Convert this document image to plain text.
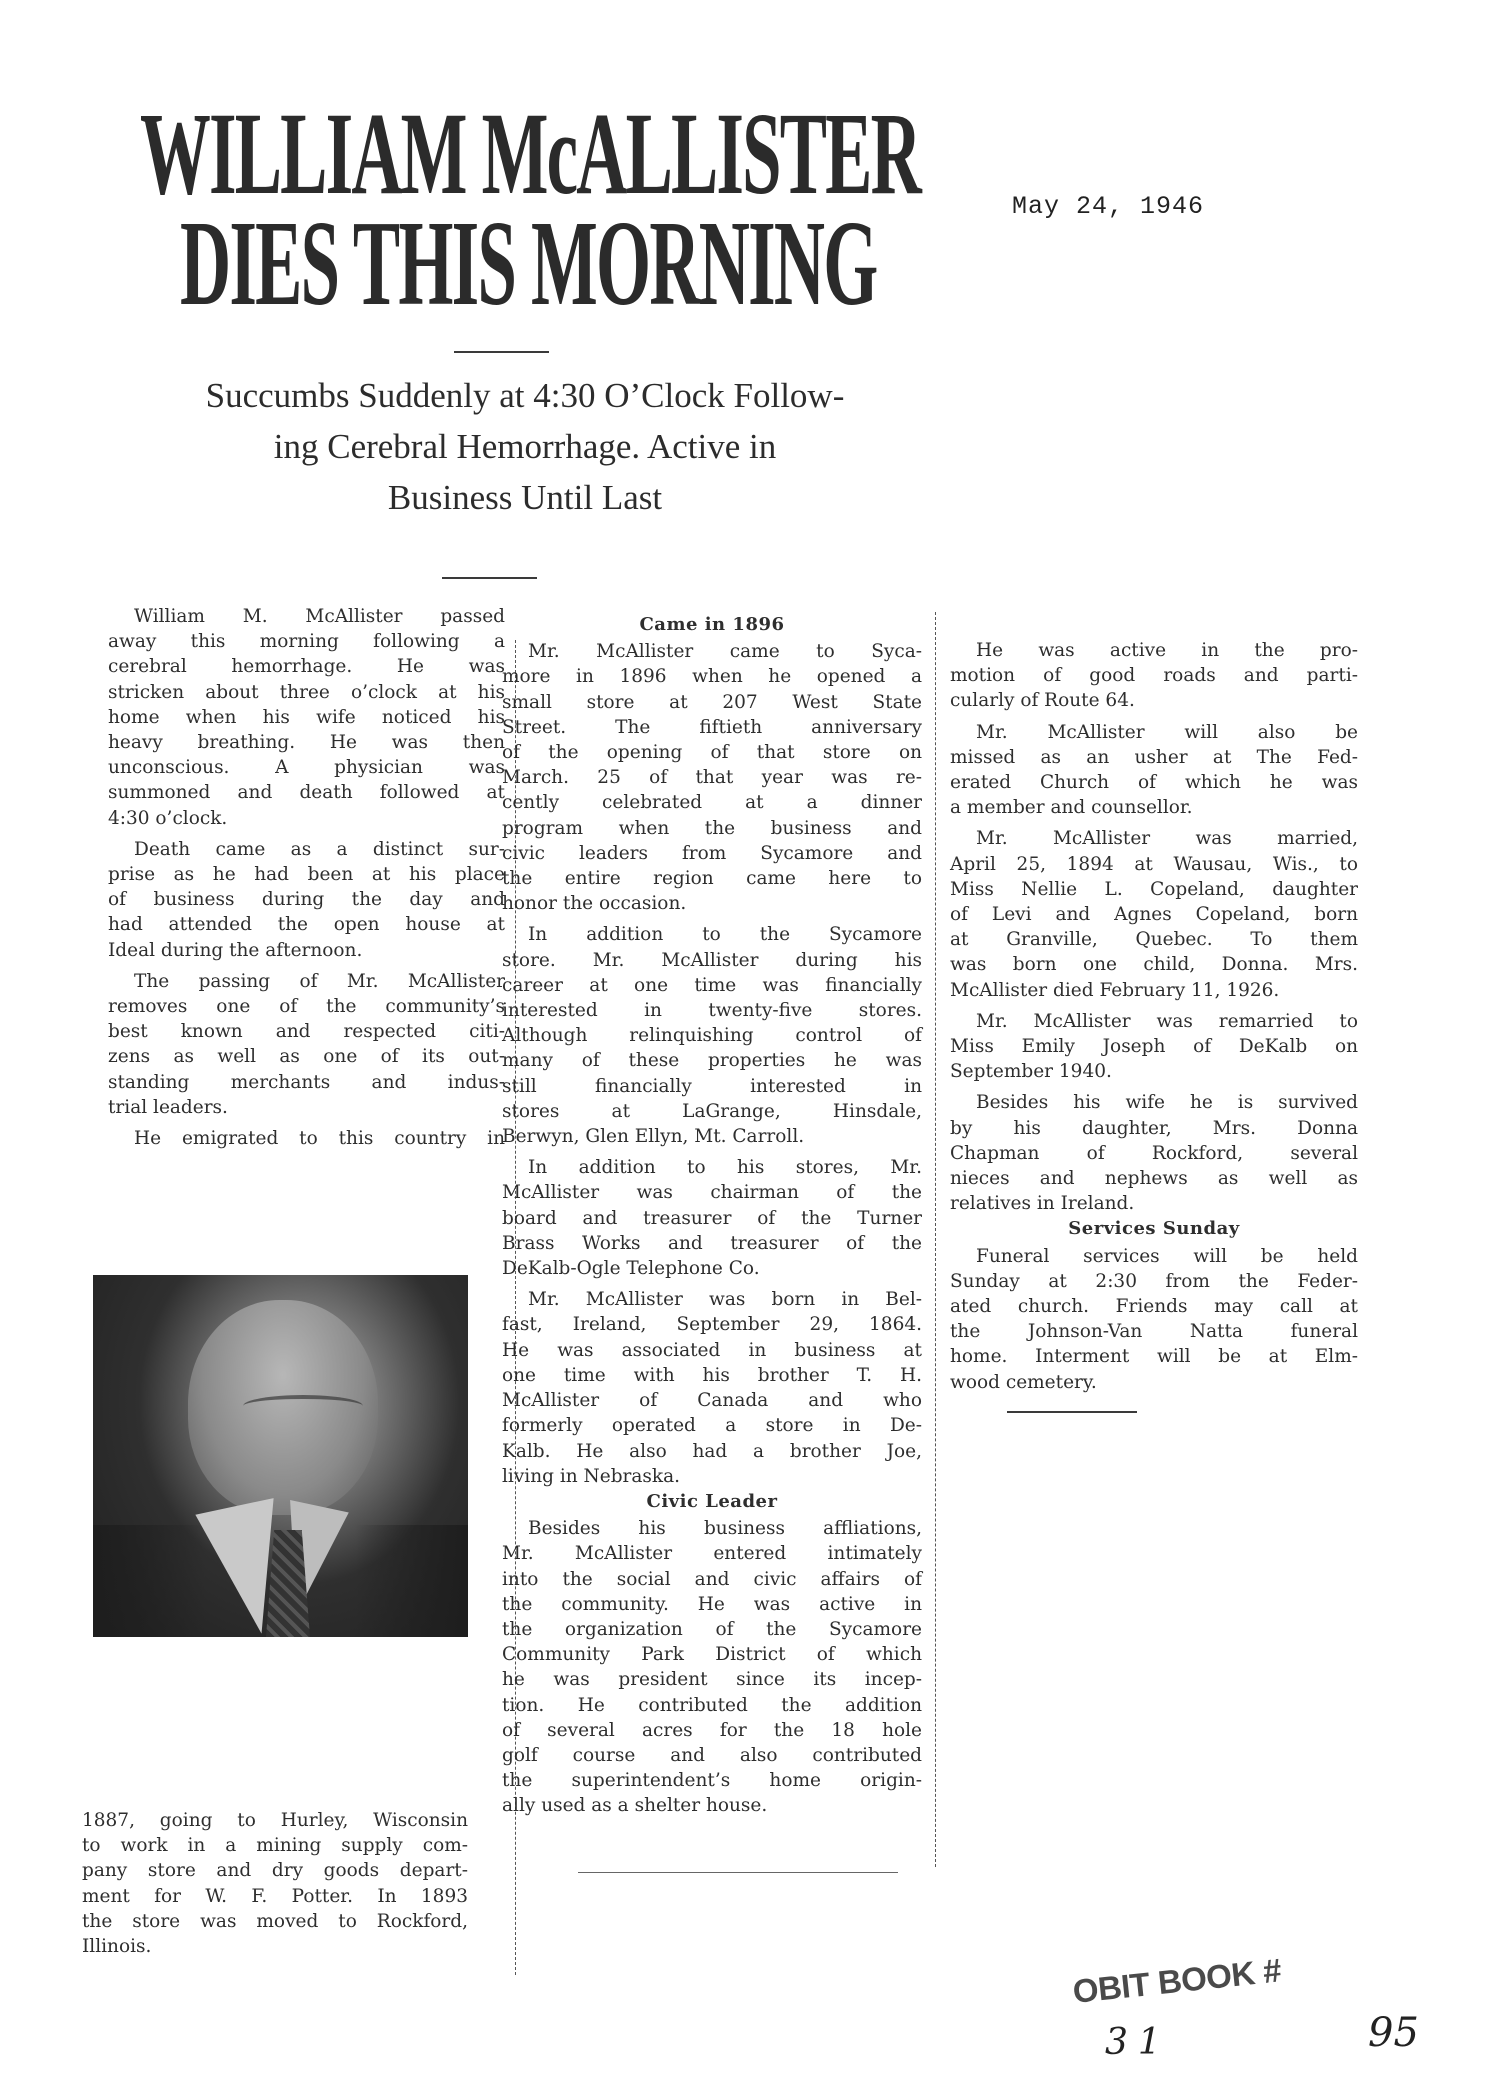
WILLIAM McALLISTER
DIES THIS MORNING	May 24, 1946
Succumbs Suddenly at 4:30 O’Clock Follow-
ing Cerebral Hemorrhage. Active in
Business Until Last
William M. McAllister passed
away this morning following a
cerebral hemorrhage. He was
stricken about three o’clock at his
home when his wife noticed his
heavy breathing. He was then
unconscious. A physician was
summoned and death followed at
4:30 o’clock.
Death came as a distinct sur-
prise as he had been at his place
of business during the day and
had attended the open house at
Ideal during the afternoon.
The passing of Mr. McAllister
removes one of the community’s
best known and respected citi-
zens as well as one of its out-
standing merchants and indus-
trial leaders.
He emigrated to this country in
1887, going to Hurley, Wisconsin
to work in a mining supply com-
pany store and dry goods depart-
ment for W. F. Potter. In 1893
the store was moved to Rockford,
Illinois.
Came in 1896
Mr. McAllister came to Syca-
more in 1896 when he opened a
small store at 207 West State
Street. The fiftieth anniversary
of the opening of that store on
March. 25 of that year was re-
cently celebrated at a dinner
program when the business and
civic leaders from Sycamore and
the entire region came here to
honor the occasion.
In addition to the Sycamore
store. Mr. McAllister during his
career at one time was financially
interested in twenty-five stores.
Although relinquishing control of
many of these properties he was
still financially interested in
stores at LaGrange, Hinsdale,
Berwyn, Glen Ellyn, Mt. Carroll.
In addition to his stores, Mr.
McAllister was chairman of the
board and treasurer of the Turner
Brass Works and treasurer of the
DeKalb-Ogle Telephone Co.
Mr. McAllister was born in Bel-
fast, Ireland, September 29, 1864.
He was associated in business at
one time with his brother T. H.
McAllister of Canada and who
formerly operated a store in De-
Kalb. He also had a brother Joe,
living in Nebraska.
Civic Leader
Besides his business affliations,
Mr. McAllister entered intimately
into the social and civic affairs of
the community. He was active in
the organization of the Sycamore
Community Park District of which
he was president since its incep-
tion. He contributed the addition
of several acres for the 18 hole
golf course and also contributed
the superintendent’s home origin-
ally used as a shelter house.
He was active in the pro-
motion of good roads and parti-
cularly of Route 64.
Mr. McAllister will also be
missed as an usher at The Fed-
erated Church of which he was
a member and counsellor.
Mr. McAllister was married,
April 25, 1894 at Wausau, Wis., to
Miss Nellie L. Copeland, daughter
of Levi and Agnes Copeland, born
at Granville, Quebec. To them
was born one child, Donna. Mrs.
McAllister died February 11, 1926.
Mr. McAllister was remarried to
Miss Emily Joseph of DeKalb on
September 1940.
Besides his wife he is survived
by his daughter, Mrs. Donna
Chapman of Rockford, several
nieces and nephews as well as
relatives in Ireland.
Services Sunday
Funeral services will be held
Sunday at 2:30 from the Feder-
ated church. Friends may call at
the Johnson-Van Natta funeral
home. Interment will be at Elm-
wood cemetery.
OBIT BOOK #
31	95
